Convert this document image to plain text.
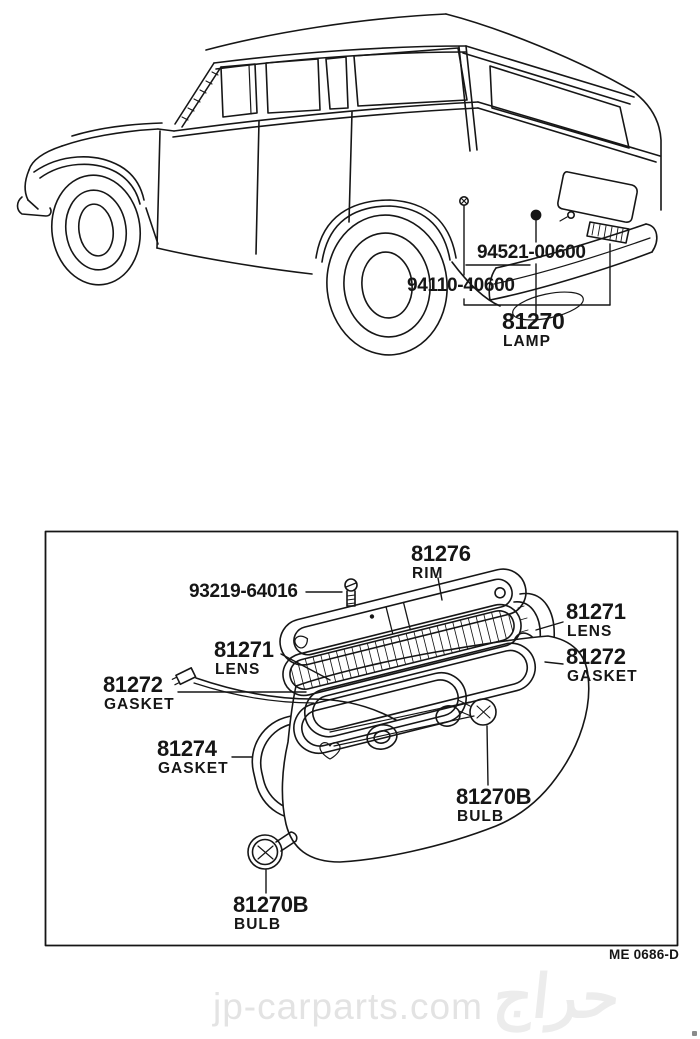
94521-00600
94110-40600
81270
LAMP
81276
RIM
93219-64016
81271
LENS
81272
GASKET
81271
LENS
81272
GASKET
81274
GASKET
81270B
BULB
81270B
BULB
ME 0686-D
jp-carparts.com حراج
